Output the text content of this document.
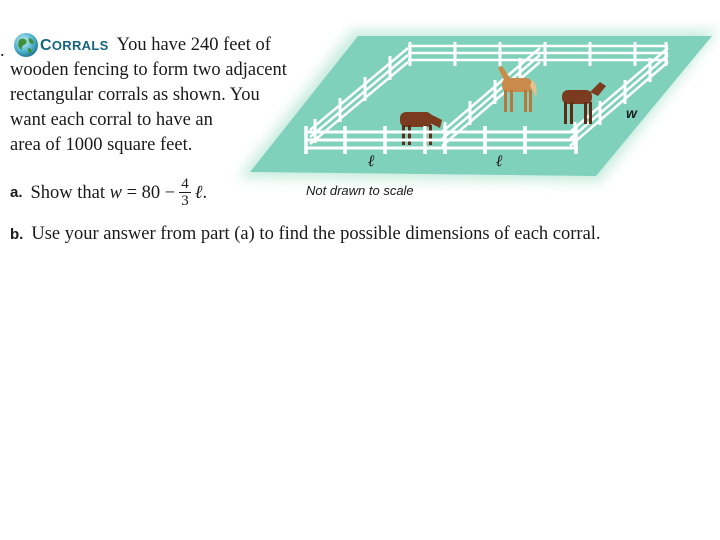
.	CORRALS You have 240 feet of
wooden fencing to form two adjacent
rectangular corrals as shown. You
want each corral to have an
area of 1000 square feet.
a. Show that
w
= $80 - \frac{4}{3}$ ℓ .
b. Use your answer from part (a) to find the possible dimensions of each corral.
w
ℓ	ℓ
Not drawn to scale
